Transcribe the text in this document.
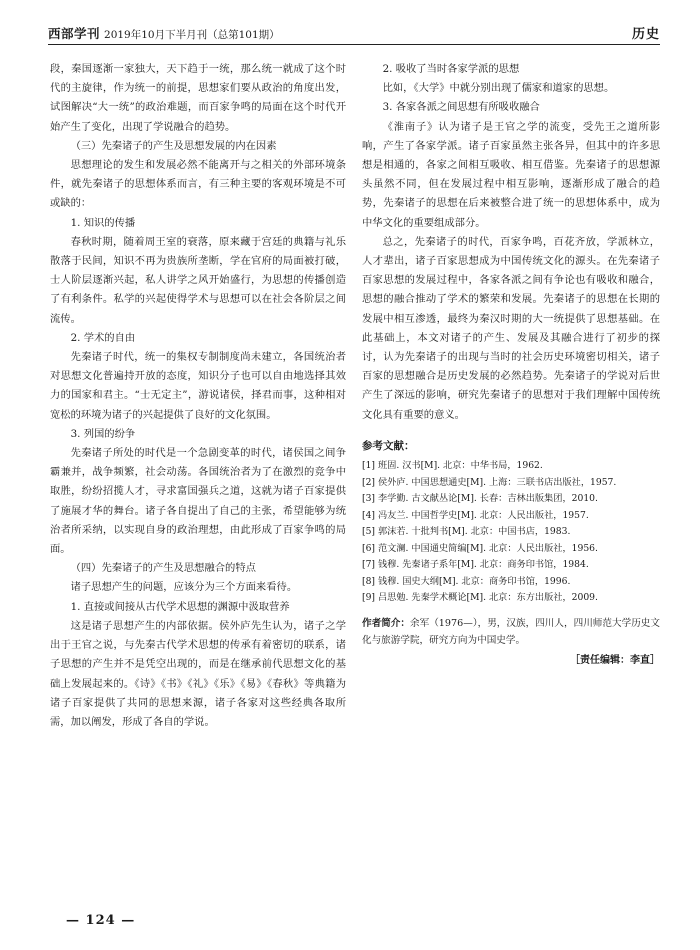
西部学刊 2019年10月下半月刊（总第101期）	历史

段，秦国逐渐一家独大，天下趋于一统，那么统一就成了这个时代的主旋律，作为统一的前提，思想家们要从政治的角度出发，试图解决“大一统”的政治难题，而百家争鸣的局面在这个时代开始产生了变化，出现了学说融合的趋势。

（三）先秦诸子的产生及思想发展的内在因素

思想理论的发生和发展必然不能离开与之相关的外部环境条件，就先秦诸子的思想体系而言，有三种主要的客观环境是不可或缺的：

1. 知识的传播

春秋时期，随着周王室的衰落，原来藏于宫廷的典籍与礼乐散落于民间，知识不再为贵族所垄断，学在官府的局面被打破，士人阶层逐渐兴起，私人讲学之风开始盛行，为思想的传播创造了有利条件。私学的兴起使得学术与思想可以在社会各阶层之间流传。

2. 学术的自由

先秦诸子时代，统一的集权专制制度尚未建立，各国统治者对思想文化普遍持开放的态度，知识分子也可以自由地选择其效力的国家和君主。“士无定主”，游说诸侯，择君而事，这种相对宽松的环境为诸子的兴起提供了良好的文化氛围。

3. 列国的纷争

先秦诸子所处的时代是一个急剧变革的时代，诸侯国之间争霸兼并，战争频繁，社会动荡。各国统治者为了在激烈的竞争中取胜，纷纷招揽人才，寻求富国强兵之道，这就为诸子百家提供了施展才华的舞台。诸子各自提出了自己的主张，希望能够为统治者所采纳，以实现自身的政治理想，由此形成了百家争鸣的局面。

（四）先秦诸子的产生及思想融合的特点

诸子思想产生的问题，应该分为三个方面来看待。

1. 直接或间接从古代学术思想的渊源中汲取营养

这是诸子思想产生的内部依据。侯外庐先生认为，诸子之学出于王官之说，与先秦古代学术思想的传承有着密切的联系，诸子思想的产生并不是凭空出现的，而是在继承前代思想文化的基础上发展起来的。《诗》《书》《礼》《乐》《易》《春秋》等典籍为诸子百家提供了共同的思想来源，诸子各家对这些经典各取所需，加以阐发，形成了各自的学说。

2. 吸收了当时各家学派的思想

比如，《大学》中就分别出现了儒家和道家的思想。

3. 各家各派之间思想有所吸收融合

《淮南子》认为诸子是王官之学的流变，受先王之道所影响，产生了各家学派。诸子百家虽然主张各异，但其中的许多思想是相通的，各家之间相互吸收、相互借鉴。先秦诸子的思想源头虽然不同，但在发展过程中相互影响，逐渐形成了融合的趋势，先秦诸子的思想在后来被整合进了统一的思想体系中，成为中华文化的重要组成部分。

总之，先秦诸子的时代，百家争鸣，百花齐放，学派林立，人才辈出，诸子百家思想成为中国传统文化的源头。在先秦诸子百家思想的发展过程中，各家各派之间有争论也有吸收和融合，思想的融合推动了学术的繁荣和发展。先秦诸子的思想在长期的发展中相互渗透，最终为秦汉时期的大一统提供了思想基础。在此基础上，本文对诸子的产生、发展及其融合进行了初步的探讨，认为先秦诸子的出现与当时的社会历史环境密切相关，诸子百家的思想融合是历史发展的必然趋势。先秦诸子的学说对后世产生了深远的影响，研究先秦诸子的思想对于我们理解中国传统文化具有重要的意义。

参考文献：

[1] 班固. 汉书[M]. 北京：中华书局，1962.

[2] 侯外庐. 中国思想通史[M]. 上海：三联书店出版社，1957.

[3] 李学勤. 古文献丛论[M]. 长春：吉林出版集团，2010.

[4] 冯友兰. 中国哲学史[M]. 北京：人民出版社，1957.

[5] 郭沫若. 十批判书[M]. 北京：中国书店，1983.

[6] 范文澜. 中国通史简编[M]. 北京：人民出版社，1956.

[7] 钱穆. 先秦诸子系年[M]. 北京：商务印书馆，1984.

[8] 钱穆. 国史大纲[M]. 北京：商务印书馆，1996.

[9] 吕思勉. 先秦学术概论[M]. 北京：东方出版社，2009.

作者简介：余军（1976—），男，汉族，四川人，四川师范大学历史文化与旅游学院，研究方向为中国史学。

［责任编辑：李直］

— 124 —
